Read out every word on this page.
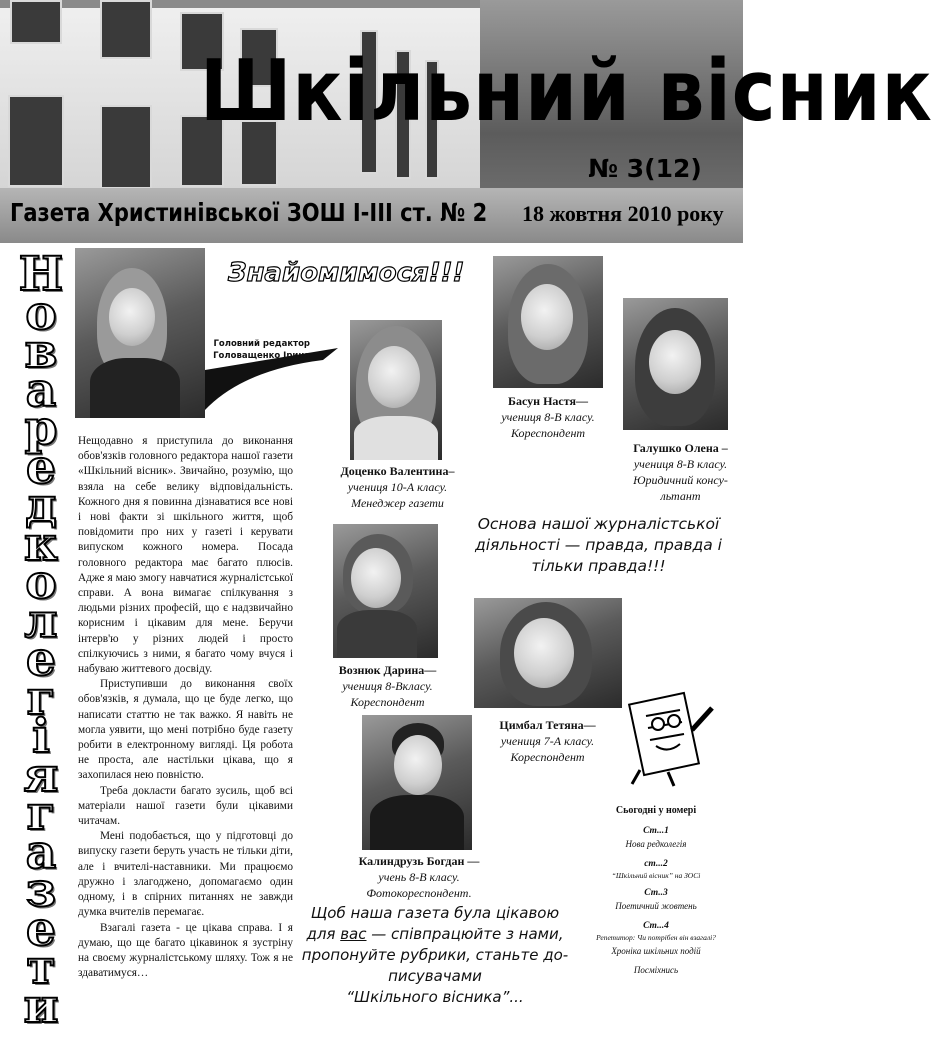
Шкільний вісник
№ 3(12)
Газета Христинівської ЗОШ І-ІІІ ст. № 2 18 жовтня 2010 року
Н
о
в
а
р
е
д
к
о
л
е
г
і
я
г
а
з
е
т
и
Головний редактор
Головащенко Ірина
Знайомимося!!!
Басун Настя—
учениця 8-В класу.
Кореспондент
Галушко Олена –
учениця 8-В класу.
Юридичний консу-льтант
Доценко Валентина–
учениця 10-А класу.
Менеджер газети
Вознюк Дарина—
учениця 8-Вкласу.
Кореспондент
Цимбал Тетяна—
учениця 7-А класу.
Кореспондент
Калиндрузь Богдан —
учень 8-В класу.
Фотокореспондент.

Нещодавно я приступила до виконання обов'язків головного редактора нашої газети «Шкільний вісник». Звичайно, розумію, що взяла на себе велику відповідальність. Кожного дня я повинна дізнаватися все нові і нові факти зі шкільного життя, щоб повідомити про них у газеті і керувати випуском кожного номера. Посада головного редактора має багато плюсів. Адже я маю змогу навчатися журналістської справи. А вона вимагає спілкування з людьми різних професій, що є надзвичайно корисним і цікавим для мене. Беручи інтерв'ю у різних людей і просто спілкуючись з ними, я багато чому вчуся і набуваю життевого досвіду.

Приступивши до виконання своїх обов'язків, я думала, що це буде легко, що написати статтю не так важко. Я навіть не могла уявити, що мені потрібно буде газету робити в електронному вигляді. Ця робота не проста, але настільки цікава, що я захопилася нею повністю.

Треба докласти багато зусиль, щоб всі матеріали нашої газети були цікавими читачам.

Мені подобається, що у підготовці до випуску газети беруть участь не тільки діти, але і вчителі-наставники. Ми працюємо дружно і злагоджено, допомагаємо один одному, і в спірних питаннях не завжди думка вчителів перемагає.

Взагалі газета - це цікава справа. І я думаю, що ще багато цікавинок я зустріну на своєму журналістському шляху. Тож я не здаватимуся…

Основа нашої журналістської діяльності — правда, правда і тільки правда!!!
Щоб наша газета була цікавою для вас — співпрацюйте з нами, пропонуйте рубрики, станьте до-писувачами
“Шкільного вісника”...
Сьогодні у номері
Ст...1
Нова редколегія
ст...2
“Шкільний вісник” на ЗОСі
Ст..3
Поетичний жовтень
Ст...4
Репетитор: Чи потрібен він взагалі?
Хроніка шкільних подій
Посміхнись
